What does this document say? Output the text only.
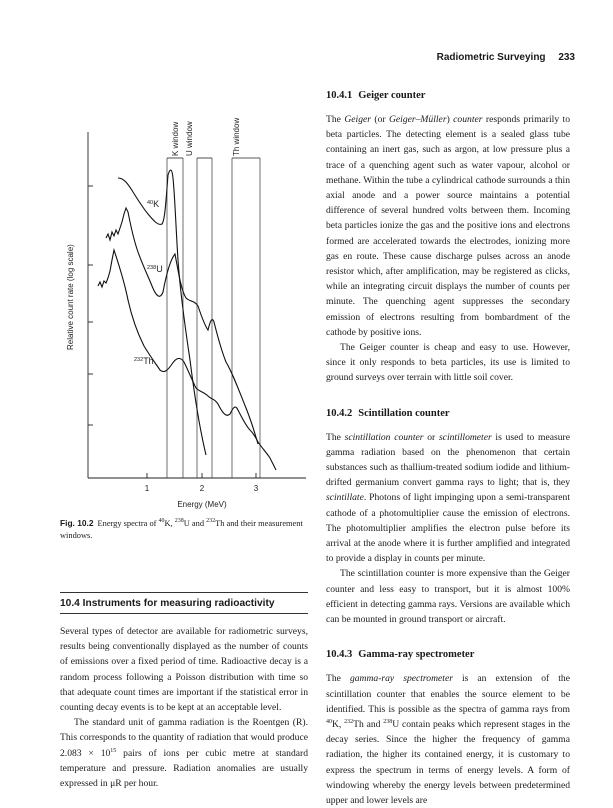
Radiometric Surveying 233
1	2	3
Energy (MeV)
Relative count rate (log scale)
K window U window	Th window
$^{40}$K
$^{238}$U
$^{232}$Th
Fig. 10.2 Energy spectra of $^{40}$K, $^{238}$U and $^{232}$Th and their measurement windows.
10.4 Instruments for measuring radioactivity

Several types of detector are available for radiometric surveys, results being conventionally displayed as the number of counts of emissions over a fixed period of time. Radioactive decay is a random process following a Poisson distribution with time so that adequate count times are important if the statistical error in counting decay events is to be kept at an acceptable level.

The standard unit of gamma radiation is the Roentgen (R). This corresponds to the quantity of radiation that would produce $2.083 \times 10^{15}$ pairs of ions per cubic metre at standard temperature and pressure. Radiation anomalies are usually expressed in μR per hour.

10.4.1 Geiger counter

The Geiger (or Geiger–Müller) counter responds primarily to beta particles. The detecting element is a sealed glass tube containing an inert gas, such as argon, at low pressure plus a trace of a quenching agent such as water vapour, alcohol or methane. Within the tube a cylindrical cathode surrounds a thin axial anode and a power source maintains a potential difference of several hundred volts between them. Incoming beta particles ionize the gas and the positive ions and electrons formed are accelerated towards the electrodes, ionizing more gas en route. These cause discharge pulses across an anode resistor which, after amplification, may be registered as clicks, while an integrating circuit displays the number of counts per minute. The quenching agent suppresses the secondary emission of electrons resulting from bombardment of the cathode by positive ions.

The Geiger counter is cheap and easy to use. However, since it only responds to beta particles, its use is limited to ground surveys over terrain with little soil cover.

10.4.2 Scintillation counter

The scintillation counter or scintillometer is used to measure gamma radiation based on the phenomenon that certain substances such as thallium-treated sodium iodide and lithium-drifted germanium convert gamma rays to light; that is, they scintillate. Photons of light impinging upon a semi-transparent cathode of a photomultiplier cause the emission of electrons. The photomultiplier amplifies the electron pulse before its arrival at the anode where it is further amplified and integrated to provide a display in counts per minute.

The scintillation counter is more expensive than the Geiger counter and less easy to transport, but it is almost 100% efficient in detecting gamma rays. Versions are available which can be mounted in ground transport or aircraft.

10.4.3 Gamma-ray spectrometer

The gamma-ray spectrometer is an extension of the scintillation counter that enables the source element to be identified. This is possible as the spectra of gamma rays from $^{40}$K, $^{232}$Th and $^{238}$U contain peaks which represent stages in the decay series. Since the higher the frequency of gamma radiation, the higher its contained energy, it is customary to express the spectrum in terms of energy levels. A form of windowing whereby the energy levels between predetermined upper and lower levels are
